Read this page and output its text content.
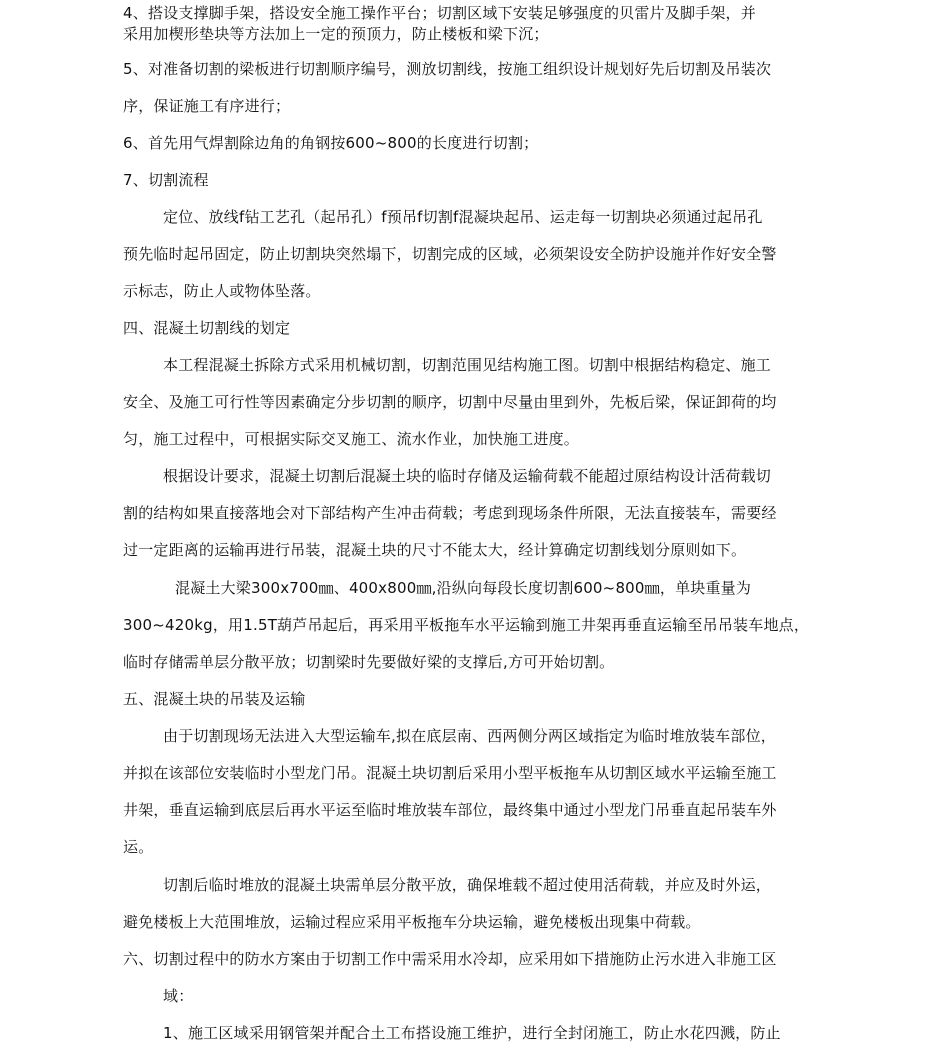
4、搭设支撑脚手架，搭设安全施工操作平台；切割区域下安装足够强度的贝雷片及脚手架，并
采用加楔形垫块等方法加上一定的预顶力，防止楼板和梁下沉；
5、对准备切割的梁板进行切割顺序编号，测放切割线，按施工组织设计规划好先后切割及吊装次
序，保证施工有序进行；
6、首先用气焊割除边角的角钢按600~800的长度进行切割；
7、切割流程
定位、放线f钻工艺孔（起吊孔）f预吊f切割f混凝块起吊、运走每一切割块必须通过起吊孔
预先临时起吊固定，防止切割块突然塌下，切割完成的区域，必须架设安全防护设施并作好安全警
示标志，防止人或物体坠落。
四、混凝土切割线的划定
本工程混凝土拆除方式采用机械切割，切割范围见结构施工图。切割中根据结构稳定、施工
安全、及施工可行性等因素确定分步切割的顺序，切割中尽量由里到外，先板后梁，保证卸荷的均
匀，施工过程中，可根据实际交叉施工、流水作业，加快施工进度。
根据设计要求，混凝土切割后混凝土块的临时存储及运输荷载不能超过原结构设计活荷载切
割的结构如果直接落地会对下部结构产生冲击荷载；考虑到现场条件所限，无法直接装车，需要经
过一定距离的运输再进行吊装，混凝土块的尺寸不能太大，经计算确定切割线划分原则如下。
混凝土大梁300x700㎜、400x800㎜,沿纵向每段长度切割600~800㎜，单块重量为
300~420kg，用1.5T葫芦吊起后，再采用平板拖车水平运输到施工井架再垂直运输至吊吊装车地点，
临时存储需单层分散平放；切割梁时先要做好梁的支撑后,方可开始切割。
五、混凝土块的吊装及运输
由于切割现场无法进入大型运输车,拟在底层南、西两侧分两区域指定为临时堆放装车部位，
并拟在该部位安装临时小型龙门吊。混凝土块切割后采用小型平板拖车从切割区域水平运输至施工
井架，垂直运输到底层后再水平运至临时堆放装车部位，最终集中通过小型龙门吊垂直起吊装车外
运。
切割后临时堆放的混凝土块需单层分散平放，确保堆载不超过使用活荷载，并应及时外运，
避免楼板上大范围堆放，运输过程应采用平板拖车分块运输，避免楼板出现集中荷载。
六、切割过程中的防水方案由于切割工作中需采用水冷却，应采用如下措施防止污水进入非施工区
域：
1、施工区域采用钢管架并配合土工布搭设施工维护，进行全封闭施工，防止水花四溅，防止
